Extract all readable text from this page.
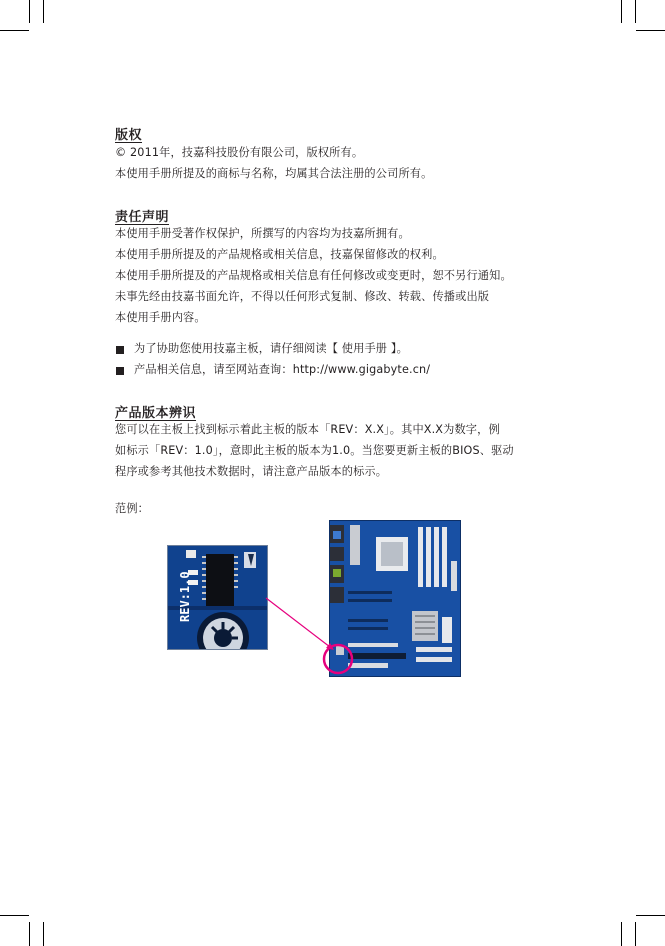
版权
© 2011年，技嘉科技股份有限公司，版权所有。
本使用手册所提及的商标与名称，均属其合法注册的公司所有。
责任声明
本使用手册受著作权保护，所撰写的内容均为技嘉所拥有。
本使用手册所提及的产品规格或相关信息，技嘉保留修改的权利。
本使用手册所提及的产品规格或相关信息有任何修改或变更时，恕不另行通知。
未事先经由技嘉书面允许，不得以任何形式复制、修改、转载、传播或出版
本使用手册内容。
为了协助您使用技嘉主板，请仔细阅读【 使用手册 】。
产品相关信息，请至网站查询：http://www.gigabyte.cn/
产品版本辨识
您可以在主板上找到标示着此主板的版本「REV：X.X」。其中X.X为数字，例
如标示「REV：1.0」，意即此主板的版本为1.0。当您要更新主板的BIOS、驱动
程序或参考其他技术数据时，请注意产品版本的标示。
范例：
REV:1.0
